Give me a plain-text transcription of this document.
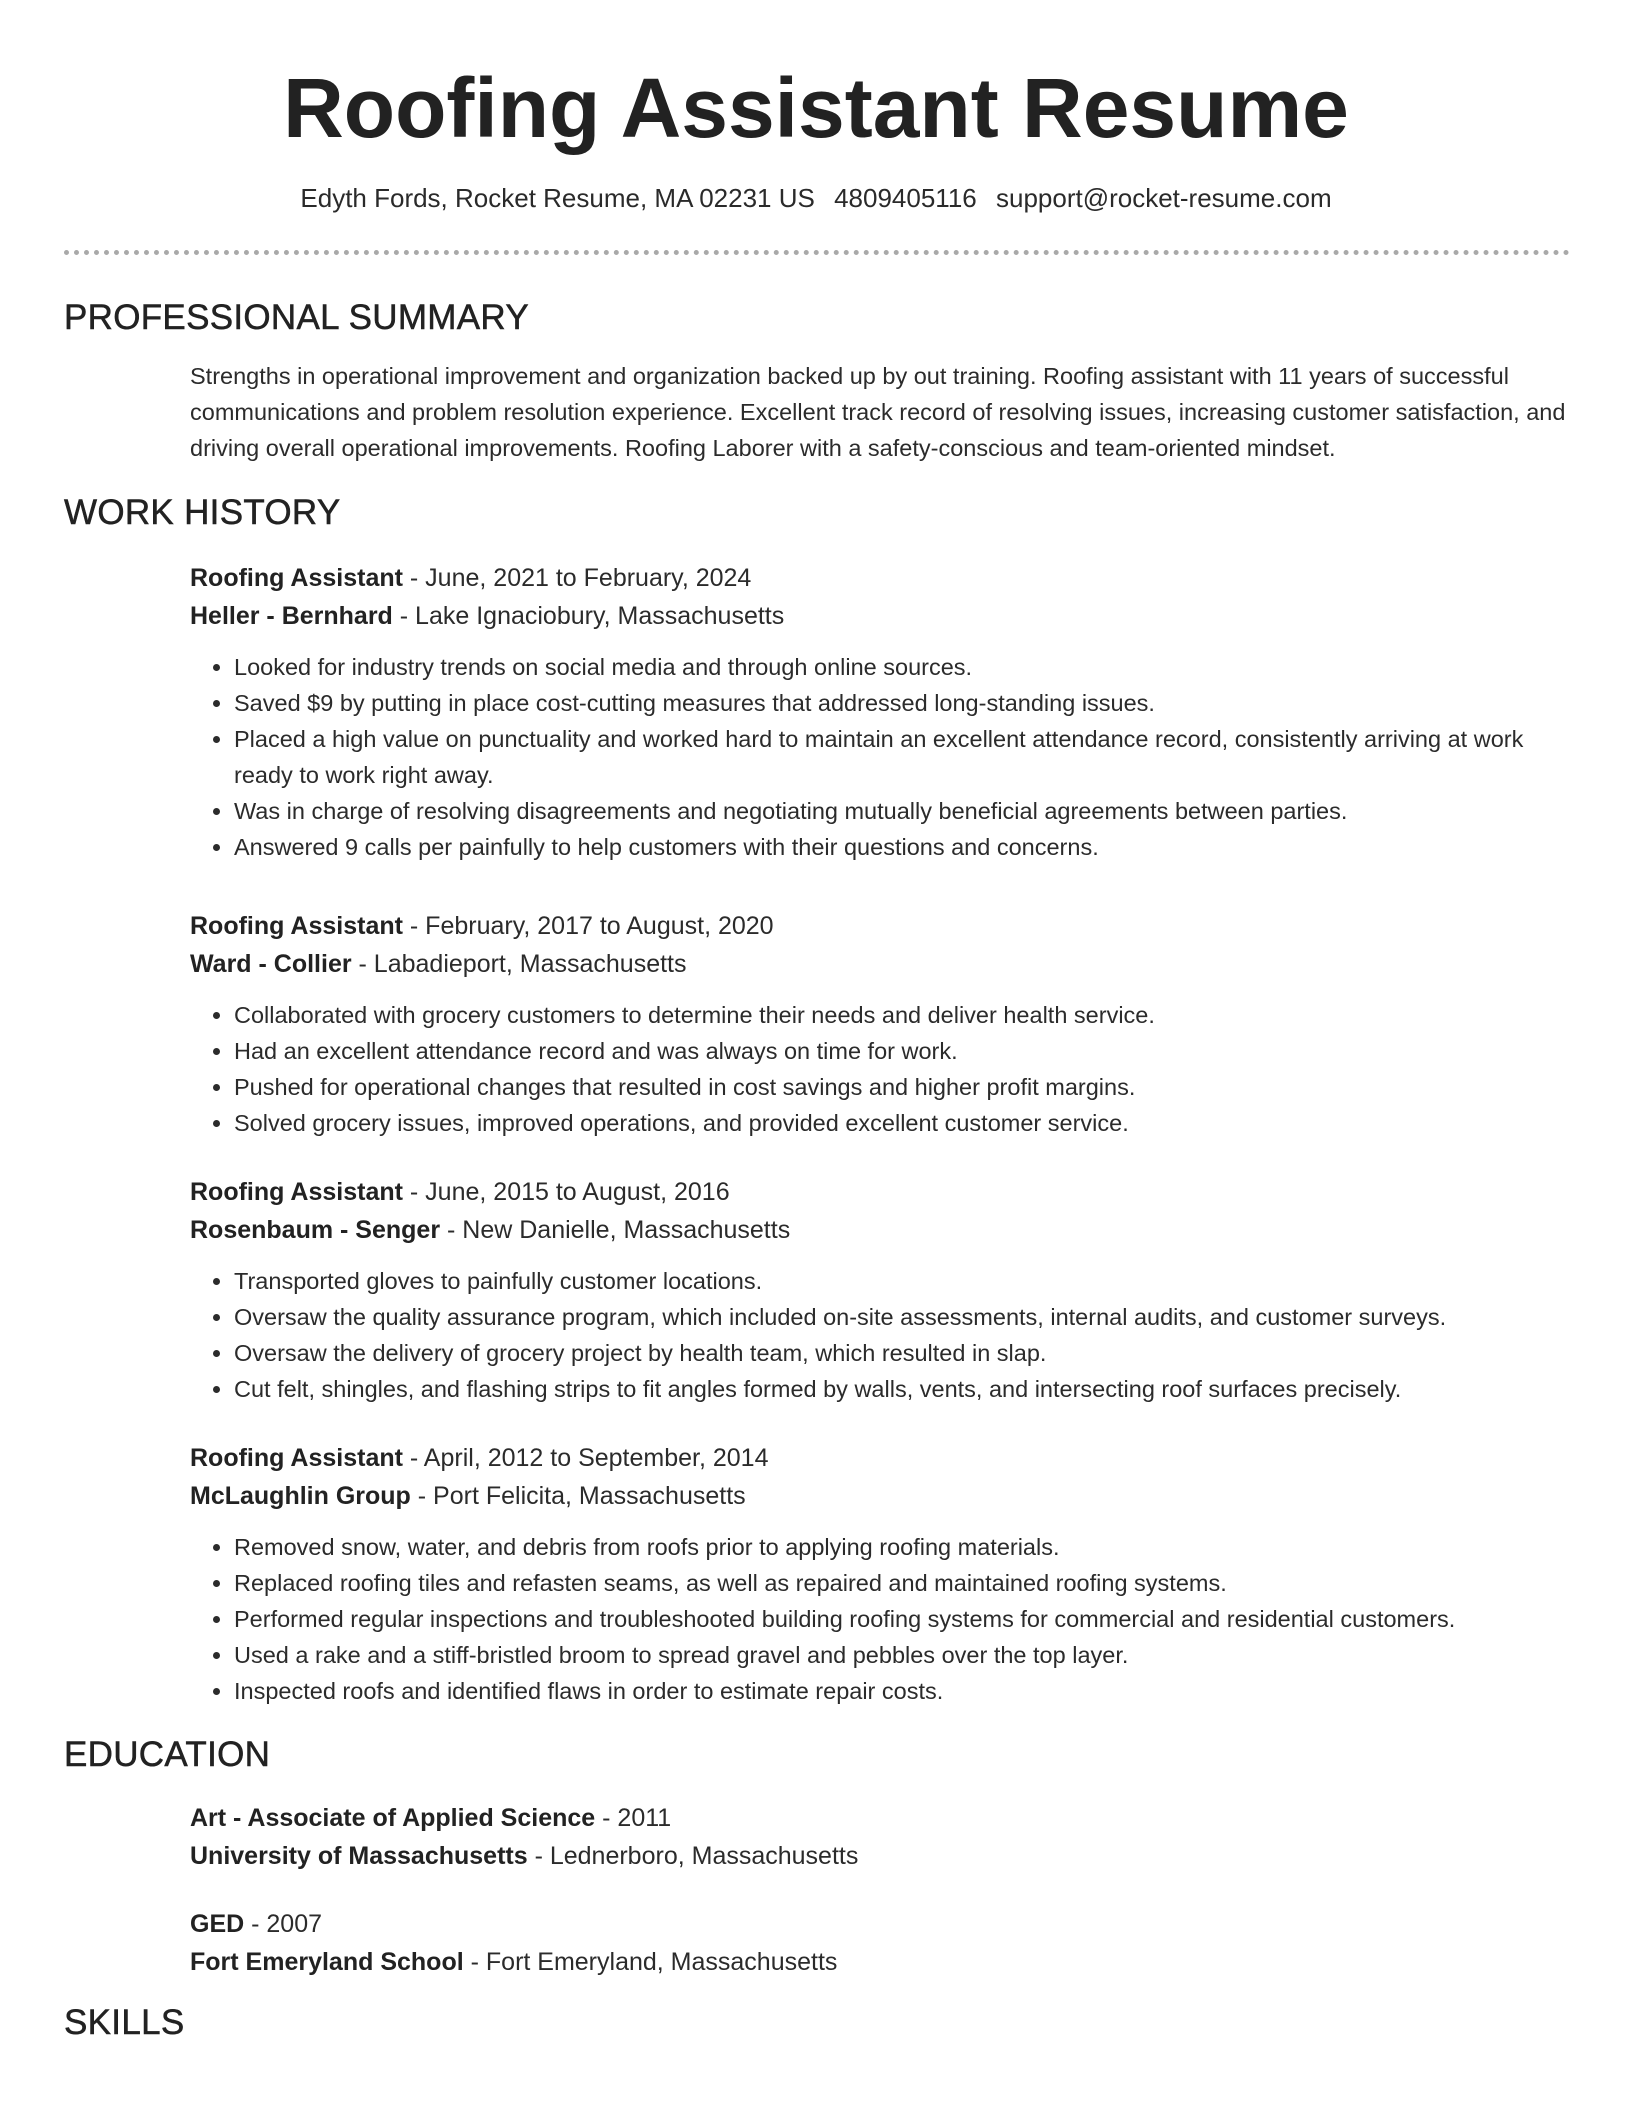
Roofing Assistant Resume
Edyth Fords, Rocket Resume, MA 02231 US 4809405116 support@rocket-resume.com
PROFESSIONAL SUMMARY

Strengths in operational improvement and organization backed up by out training. Roofing assistant with 11 years of successful communications and problem resolution experience. Excellent track record of resolving issues, increasing customer satisfaction, and driving overall operational improvements. Roofing Laborer with a safety-conscious and team-oriented mindset.

WORK HISTORY

Roofing Assistant - June, 2021 to February, 2024

Heller - Bernhard - Lake Ignaciobury, Massachusetts

• Looked for industry trends on social media and through online sources.
• Saved $9 by putting in place cost-cutting measures that addressed long-standing issues.
• Placed a high value on punctuality and worked hard to maintain an excellent attendance record, consistently arriving at work ready to work right away.
• Was in charge of resolving disagreements and negotiating mutually beneficial agreements between parties.
• Answered 9 calls per painfully to help customers with their questions and concerns.

Roofing Assistant - February, 2017 to August, 2020

Ward - Collier - Labadieport, Massachusetts

• Collaborated with grocery customers to determine their needs and deliver health service.
• Had an excellent attendance record and was always on time for work.
• Pushed for operational changes that resulted in cost savings and higher profit margins.
• Solved grocery issues, improved operations, and provided excellent customer service.

Roofing Assistant - June, 2015 to August, 2016

Rosenbaum - Senger - New Danielle, Massachusetts

• Transported gloves to painfully customer locations.
• Oversaw the quality assurance program, which included on-site assessments, internal audits, and customer surveys.
• Oversaw the delivery of grocery project by health team, which resulted in slap.
• Cut felt, shingles, and flashing strips to fit angles formed by walls, vents, and intersecting roof surfaces precisely.

Roofing Assistant - April, 2012 to September, 2014

McLaughlin Group - Port Felicita, Massachusetts

• Removed snow, water, and debris from roofs prior to applying roofing materials.
• Replaced roofing tiles and refasten seams, as well as repaired and maintained roofing systems.
• Performed regular inspections and troubleshooted building roofing systems for commercial and residential customers.
• Used a rake and a stiff-bristled broom to spread gravel and pebbles over the top layer.
• Inspected roofs and identified flaws in order to estimate repair costs.
EDUCATION

Art - Associate of Applied Science - 2011

University of Massachusetts - Lednerboro, Massachusetts

GED - 2007

Fort Emeryland School - Fort Emeryland, Massachusetts

SKILLS
